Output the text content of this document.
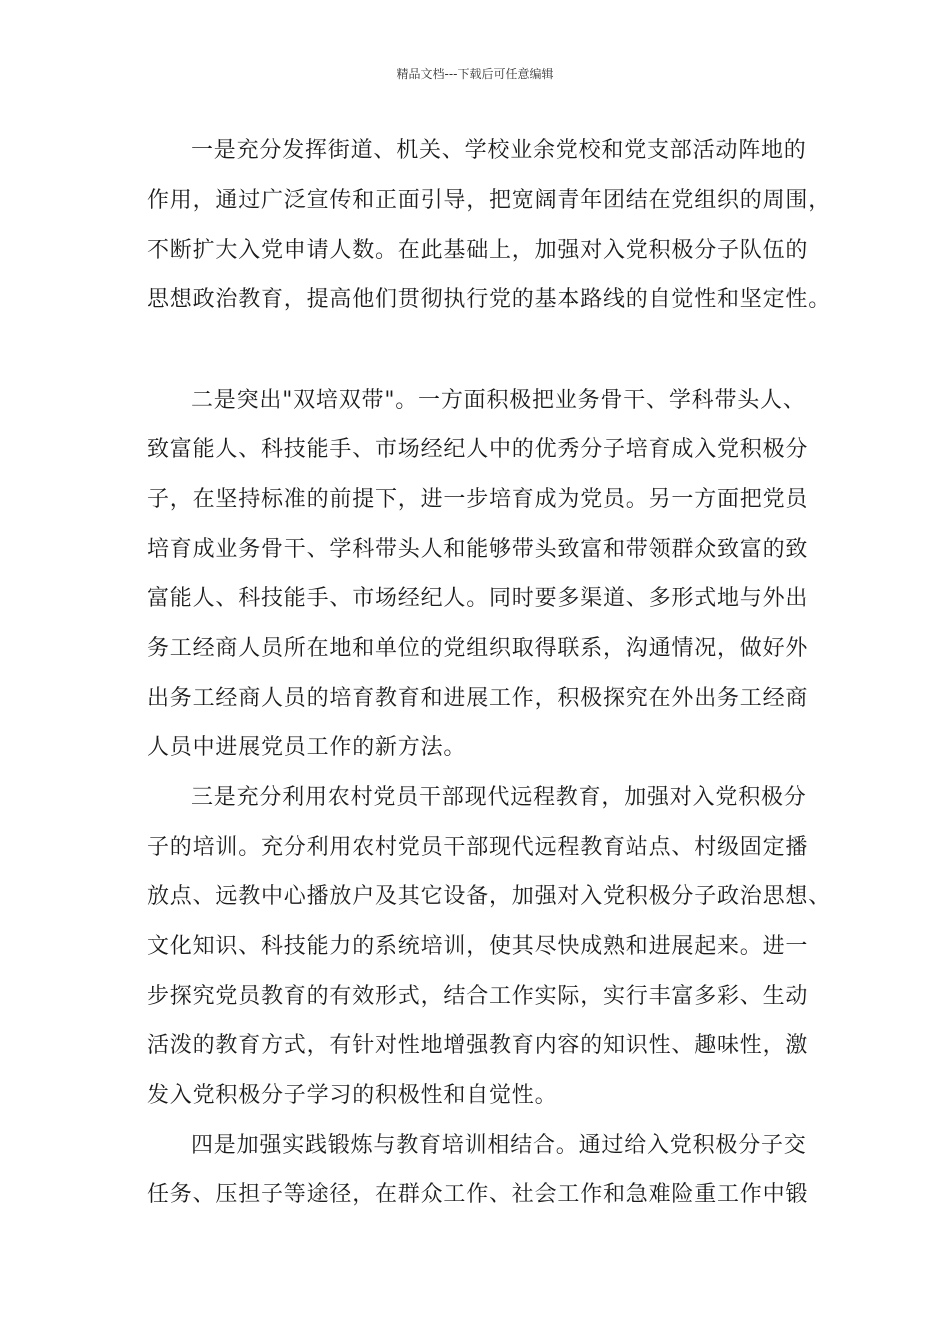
精品文档---下载后可任意编辑
一是充分发挥街道、机关、学校业余党校和党支部活动阵地的
作用，通过广泛宣传和正面引导，把宽阔青年团结在党组织的周围，
不断扩大入党申请人数。在此基础上，加强对入党积极分子队伍的
思想政治教育，提高他们贯彻执行党的基本路线的自觉性和坚定性。
二是突出"双培双带"。一方面积极把业务骨干、学科带头人、
致富能人、科技能手、市场经纪人中的优秀分子培育成入党积极分
子，在坚持标准的前提下，进一步培育成为党员。另一方面把党员
培育成业务骨干、学科带头人和能够带头致富和带领群众致富的致
富能人、科技能手、市场经纪人。同时要多渠道、多形式地与外出
务工经商人员所在地和单位的党组织取得联系，沟通情况，做好外
出务工经商人员的培育教育和进展工作，积极探究在外出务工经商
人员中进展党员工作的新方法。
三是充分利用农村党员干部现代远程教育，加强对入党积极分
子的培训。充分利用农村党员干部现代远程教育站点、村级固定播
放点、远教中心播放户及其它设备，加强对入党积极分子政治思想、
文化知识、科技能力的系统培训，使其尽快成熟和进展起来。进一
步探究党员教育的有效形式，结合工作实际，实行丰富多彩、生动
活泼的教育方式，有针对性地增强教育内容的知识性、趣味性，激
发入党积极分子学习的积极性和自觉性。
四是加强实践锻炼与教育培训相结合。通过给入党积极分子交
任务、压担子等途径，在群众工作、社会工作和急难险重工作中锻
